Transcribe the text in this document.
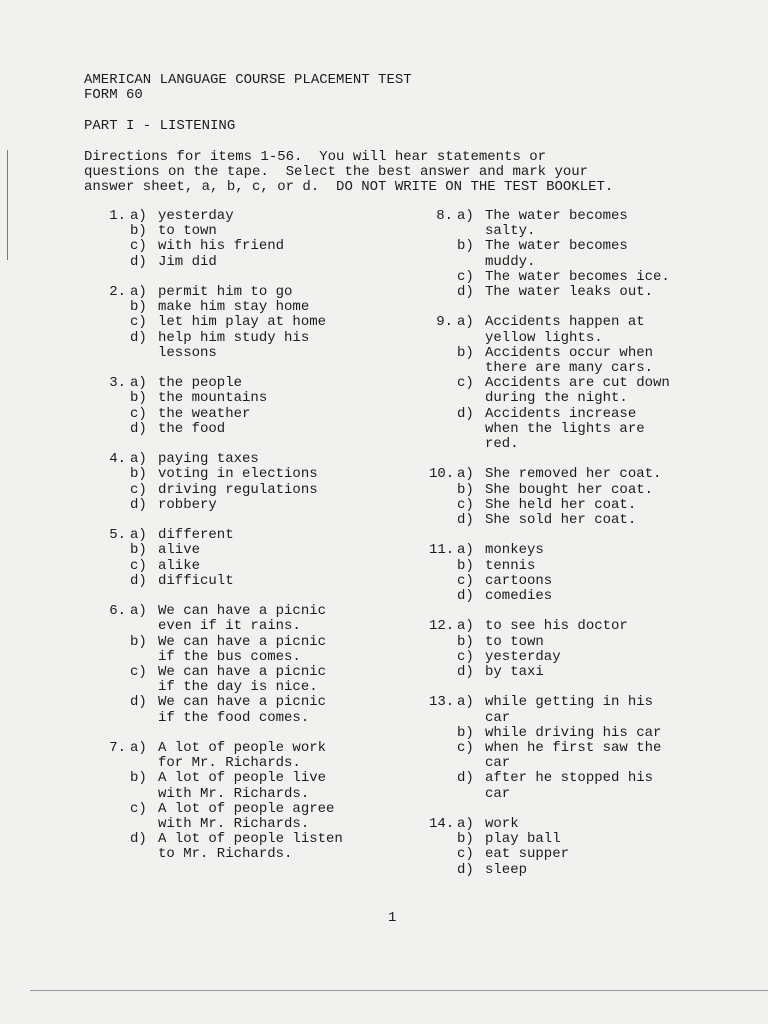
AMERICAN LANGUAGE COURSE PLACEMENT TEST
FORM 60
PART I - LISTENING
Directions for items 1-56.  You will hear statements or
questions on the tape.  Select the best answer and mark your
answer sheet, a, b, c, or d.  DO NOT WRITE ON THE TEST BOOKLET.
1. a) yesterday
b) to town
c) with his friend
d) Jim did
2. a) permit him to go
b) make him stay home
c) let him play at home
d) help him study his
lessons
3. a) the people
b) the mountains
c) the weather
d) the food
4. a) paying taxes
b) voting in elections
c) driving regulations
d) robbery
5. a) different
b) alive
c) alike
d) difficult
6. a) We can have a picnic
even if it rains.
b) We can have a picnic
if the bus comes.
c) We can have a picnic
if the day is nice.
d) We can have a picnic
if the food comes.
7. a) A lot of people work
for Mr. Richards.
b) A lot of people live
with Mr. Richards.
c) A lot of people agree
with Mr. Richards.
d) A lot of people listen
to Mr. Richards.
8. a) The water becomes
salty.
b) The water becomes
muddy.
c) The water becomes ice.
d) The water leaks out.
9. a) Accidents happen at
yellow lights.
b) Accidents occur when
there are many cars.
c) Accidents are cut down
during the night.
d) Accidents increase
when the lights are
red.
10. a) She removed her coat.
b) She bought her coat.
c) She held her coat.
d) She sold her coat.
11. a) monkeys
b) tennis
c) cartoons
d) comedies
12. a) to see his doctor
b) to town
c) yesterday
d) by taxi
13. a) while getting in his
car
b) while driving his car
c) when he first saw the
car
d) after he stopped his
car
14. a) work
b) play ball
c) eat supper
d) sleep
1
